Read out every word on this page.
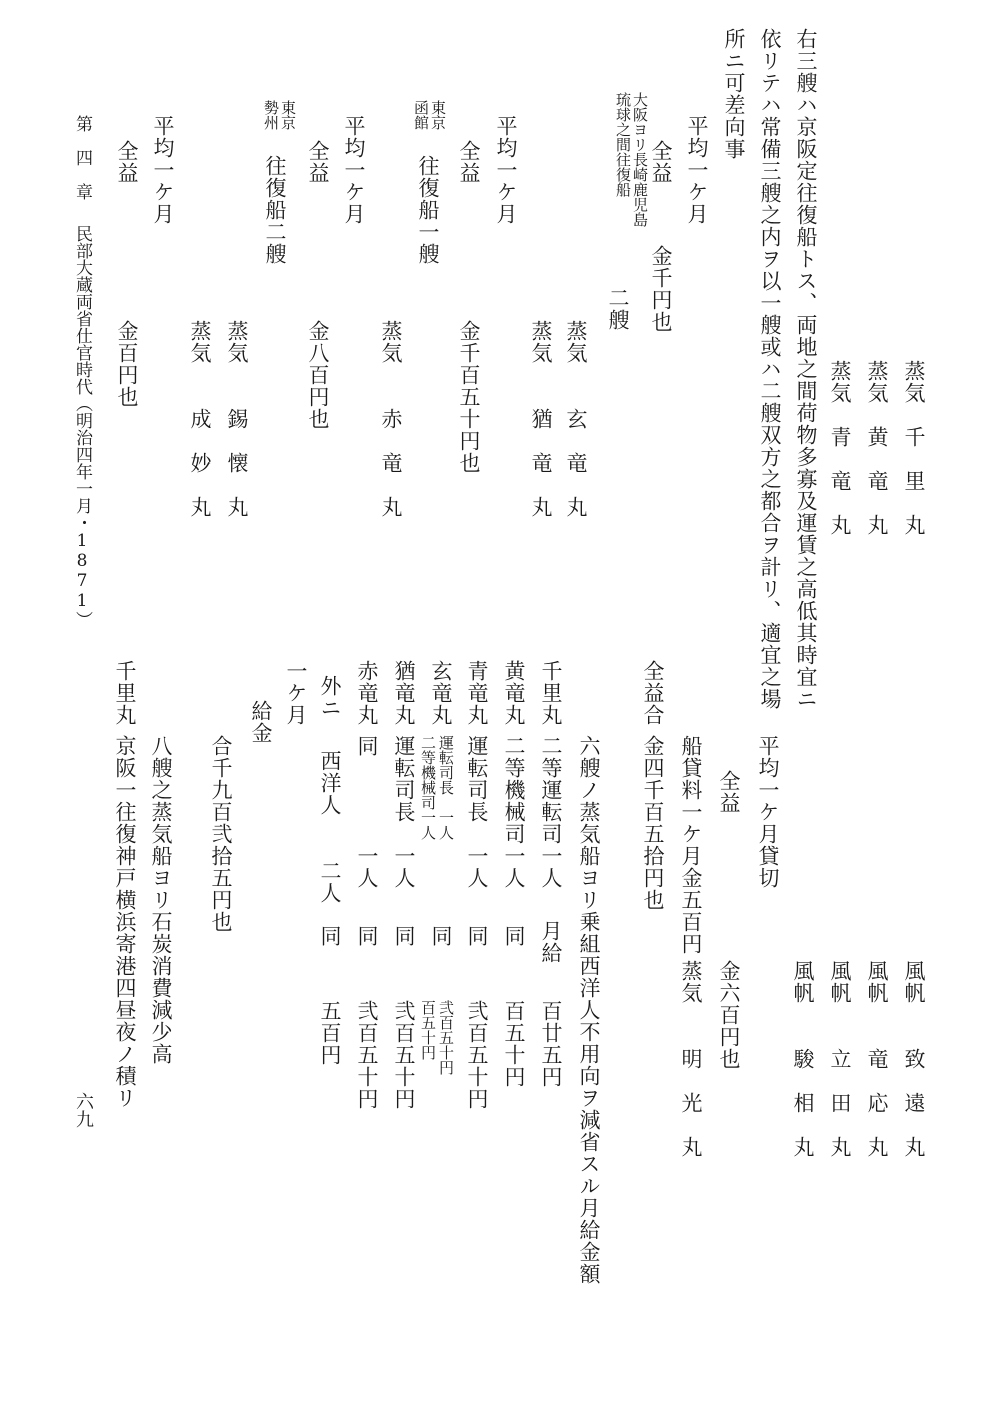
蒸気　千　里　丸
蒸気　黄　竜　丸
蒸気　青　竜　丸
右三艘ハ京阪定往復船トス、両地之間荷物多寡及運賃之高低其時宜ニ
依リテハ常備三艘之内ヲ以一艘或ハ二艘双方之都合ヲ計リ、適宜之場
所ニ可差向事
平均一ケ月
全益
金千円也
大阪ヨリ長崎鹿児島
琉球之間往復船
二艘
蒸気　　玄　竜　丸
蒸気　　猶　竜　丸
平均一ケ月
全益
金千百五十円也
東京
函館
往復船一艘
蒸気　　赤　竜　丸
平均一ケ月
全益
金八百円也
東京
勢州
往復船二艘
蒸気　　錫　懐　丸
蒸気　　成　妙　丸
平均一ケ月
全益
金百円也
風帆　　致　遠　丸
風帆　　竜　応　丸
風帆　　立　田　丸
風帆　　駿　相　丸
平均一ケ月貸切
全益
金六百円也
船貸料一ケ月金五百円
蒸気　　明　光　丸
全益合
金四千百五拾円也
六艘ノ蒸気船ヨリ乗組西洋人不用向ヲ減省スル月給金額
千里丸
二等運転司一人
月給
百廿五円
黄竜丸
二等機械司一人
同
百五十円
青竜丸
運転司長　一人
同
弐百五十円
玄竜丸
運転司長　一人
同
弐百五十円
二等機械司一人
百五十円
猶竜丸
運転司長　一人
同
弐百五十円
赤竜丸
同　　　　一人
同
弐百五十円
外ニ
西洋人　　二人
同
五百円
一ケ月
給金
合千九百弐拾五円也
八艘之蒸気船ヨリ石炭消費減少高
千里丸
京阪一往復神戸横浜寄港四昼夜ノ積リ
第　四　章
民部大蔵両省仕官時代
（明治四年一月・1871）
六九
